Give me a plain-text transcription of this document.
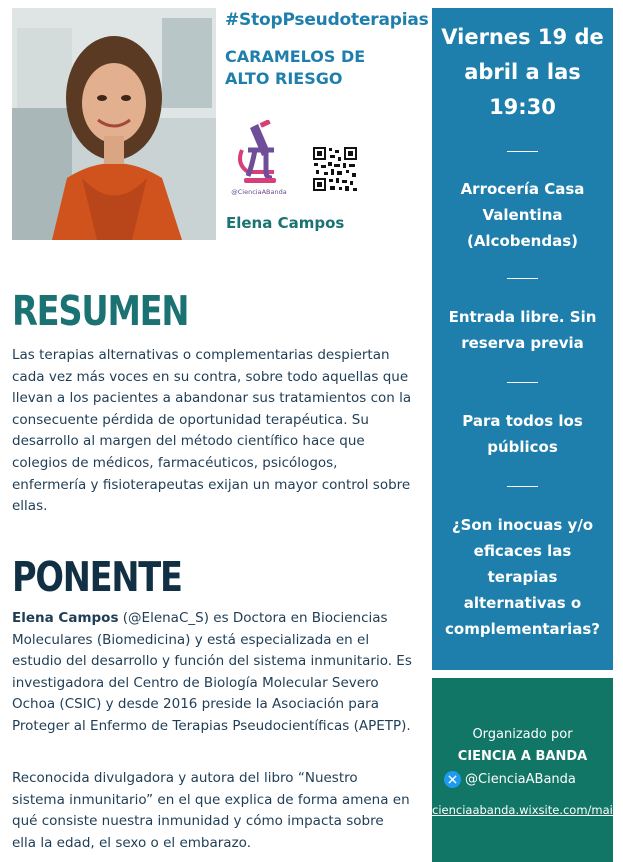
#StopPseudoterapias
CARAMELOS DE ALTO RIESGO
@CienciaABanda
Elena Campos
RESUMEN
Las terapias alternativas o complementarias despiertan cada vez más voces en su contra, sobre todo aquellas que llevan a los pacientes a abandonar sus tratamientos con la consecuente pérdida de oportunidad terapéutica. Su desarrollo al margen del método científico hace que colegios de médicos, farmacéuticos, psicólogos, enfermería y fisioterapeutas exijan un mayor control sobre ellas.
PONENTE
Elena Campos (@ElenaC_S) es Doctora en Biociencias Moleculares (Biomedicina) y está especializada en el estudio del desarrollo y función del sistema inmunitario. Es investigadora del Centro de Biología Molecular Severo Ochoa (CSIC) y desde 2016 preside la Asociación para Proteger al Enfermo de Terapias Pseudocientíficas (APETP).
Reconocida divulgadora y autora del libro “Nuestro sistema inmunitario” en el que explica de forma amena en qué consiste nuestra inmunidad y cómo impacta sobre ella la edad, el sexo o el embarazo.
Viernes 19 de abril a las 19:30
Arrocería Casa Valentina (Alcobendas)
Entrada libre. Sin reserva previa
Para todos los públicos
¿Son inocuas y/o eficaces las terapias alternativas o complementarias?
Organizado por
CIENCIA A BANDA
@CienciaABanda
cienciaabanda.wixsite.com/main
